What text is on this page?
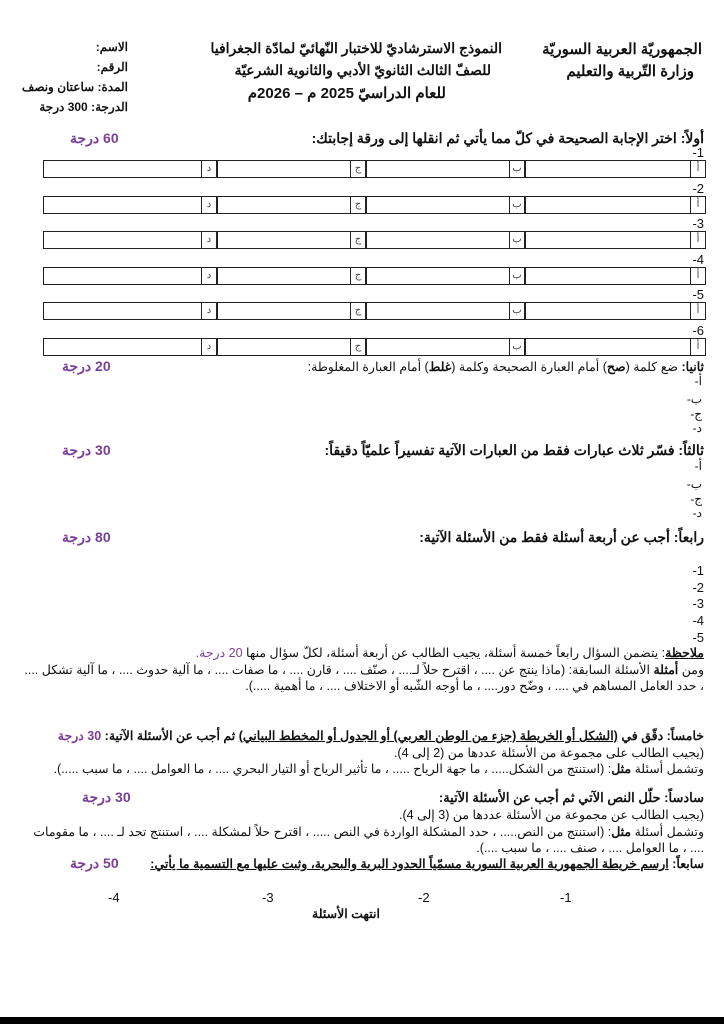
الجمهوريّة العربية السوريّة
وزارة التّربية والتعليم
النموذج الاسترشاديّ للاختبار النّهائيّ لمادّة الجغرافيا
للصفّ الثالث الثانويّ الأدبي والثانوية الشرعيّة
للعام الدراسيّ 2025 م – 2026م
الاسم:
الرقم:
المدة: ساعتان ونصف
الدرجة: 300 درجة
أولاً: اختر الإجابة الصحيحة في كلّ مما يأتي ثم انقلها إلى ورقة إجابتك:
60 درجة
-1
أ
ب
ج
د
-2
أ
ب
ج
د
-3
أ
ب
ج
د
-4
أ
ب
ج
د
-5
أ
ب
ج
د
-6
أ
ب
ج
د
ثانيا: ضع كلمة (صح) أمام العبارة الصحيحة وكلمة (غلط) أمام العبارة المغلوطة:
20 درجة
أ-
ب-
ج-
د-
ثالثاً: فسّر ثلاث عبارات فقط من العبارات الآتية تفسيراً علميّاً دقيقاً:
30 درجة
أ-
ب-
ج-
د-
رابعاً: أجب عن أربعة أسئلة فقط من الأسئلة الآتية:
80 درجة
-1
-2
-3
-4
-5
ملاحظة: يتضمن السؤال رابعاً خمسة أسئلة، يجيب الطالب عن أربعة أسئلة، لكلّ سؤال منها 20 درجة.
ومن أمثلة الأسئلة السابقة: (ماذا ينتج عن .... ، اقترح حلاً لـ.... ، صنّف .... ، قارن .... ، ما صفات .... ، ما آلية حدوث .... ، ما آلية تشكل .... ، حدد العامل المساهم في .... ، وضّح دور.... ، ما أوجه الشّبه أو الاختلاف .... ، ما أهمية .....).
خامساً: دقّق في (الشكل أو الخريطة (جزء من الوطن العربي) أو الجدول أو المخطط البياني) ثم أجب عن الأسئلة الآتية: 30 درجة
(يجيب الطالب على مجموعة من الأسئلة عددها من (2 إلى 4).
وتشمل أسئلة مثل: (استنتج من الشكل..... ، ما جهة الرياح ..... ، ما تأثير الرياح أو التيار البحري .... ، ما العوامل .... ، ما سبب .....).
سادساً: حلّل النص الآتي ثم أجب عن الأسئلة الآتية:
30 درجة
(يجيب الطالب عن مجموعة من الأسئلة عددها من (3 إلى 4).
وتشمل أسئلة مثل: (استنتج من النص..... ، حدد المشكلة الواردة في النص ..... ، اقترح حلاً لمشكلة .... ، استنتج تحد لـ .... ، ما مقومات .... ، ما العوامل .... ، صنف .... ، ما سبب ....).
سابعاً: ارسم خريطة الجمهورية العربية السورية مسمّياً الحدود البرية والبحرية، وثبت عليها مع التسمية ما يأتي:
50 درجة
-1
-2
-3
-4
انتهت الأسئلة
